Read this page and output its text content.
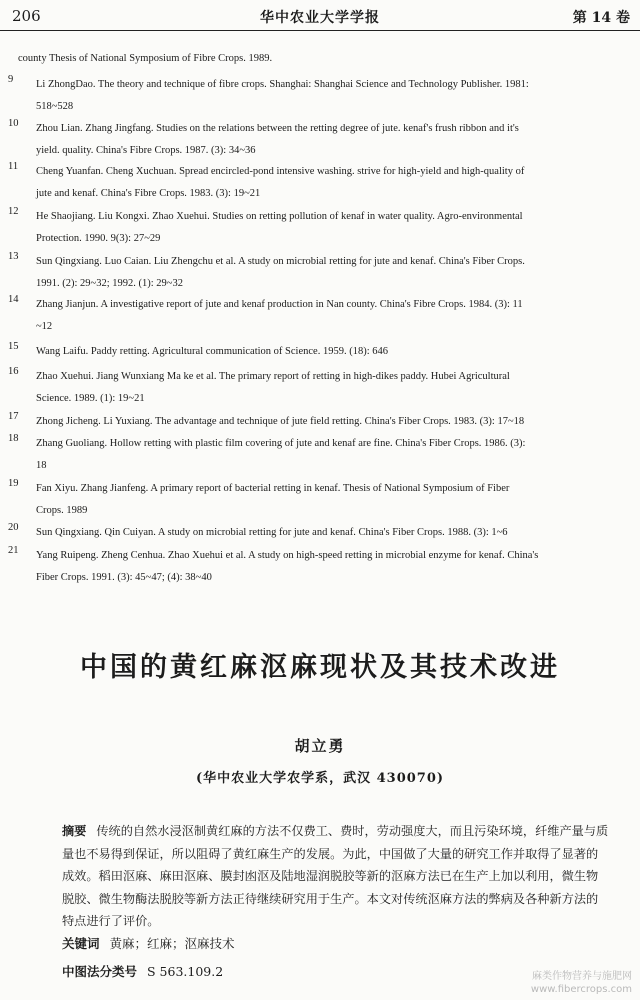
206	华中农业大学学报	第 14 卷
county Thesis of National Symposium of Fibre Crops. 1989.
9 Li ZhongDao. The theory and technique of fibre crops. Shanghai: Shanghai Science and Technology Publisher. 1981:
518~528
10 Zhou Lian. Zhang Jingfang. Studies on the relations between the retting degree of jute. kenaf's frush ribbon and it's
yield. quality. China's Fibre Crops. 1987. (3): 34~36
11 Cheng Yuanfan. Cheng Xuchuan. Spread encircled-pond intensive washing. strive for high-yield and high-quality of
jute and kenaf. China's Fibre Crops. 1983. (3): 19~21
12 He Shaojiang. Liu Kongxi. Zhao Xuehui. Studies on retting pollution of kenaf in water quality. Agro-environmental
Protection. 1990. 9(3): 27~29
13 Sun Qingxiang. Luo Caian. Liu Zhengchu et al. A study on microbial retting for jute and kenaf. China's Fiber Crops.
1991. (2): 29~32; 1992. (1): 29~32
14 Zhang Jianjun. A investigative report of jute and kenaf production in Nan county. China's Fibre Crops. 1984. (3): 11
~12
15 Wang Laifu. Paddy retting. Agricultural communication of Science. 1959. (18): 646
16 Zhao Xuehui. Jiang Wunxiang Ma ke et al. The primary report of retting in high-dikes paddy. Hubei Agricultural
Science. 1989. (1): 19~21
17 Zhong Jicheng. Li Yuxiang. The advantage and technique of jute field retting. China's Fiber Crops. 1983. (3): 17~18
18 Zhang Guoliang. Hollow retting with plastic film covering of jute and kenaf are fine. China's Fiber Crops. 1986. (3):
18
19 Fan Xiyu. Zhang Jianfeng. A primary report of bacterial retting in kenaf. Thesis of National Symposium of Fiber
Crops. 1989
20 Sun Qingxiang. Qin Cuiyan. A study on microbial retting for jute and kenaf. China's Fiber Crops. 1988. (3): 1~6
21 Yang Ruipeng. Zheng Cenhua. Zhao Xuehui et al. A study on high-speed retting in microbial enzyme for kenaf. China's
Fiber Crops. 1991. (3): 45~47; (4): 38~40
中国的黄红麻沤麻现状及其技术改进
胡立勇
(华中农业大学农学系，武汉 430070)
摘要 传统的自然水浸沤制黄红麻的方法不仅费工、费时，劳动强度大，而且污染环境，纤维产量与质量也不易得到保证，所以阻碍了黄红麻生产的发展。为此，中国做了大量的研究工作并取得了显著的成效。稻田沤麻、麻田沤麻、膜封凼沤及陆地湿润脱胶等新的沤麻方法已在生产上加以利用，微生物脱胶、微生物酶法脱胶等新方法正待继续研究用于生产。本文对传统沤麻方法的弊病及各种新方法的特点进行了评价。
关键词 黄麻；红麻；沤麻技术
中图法分类号 S 563.109.2	麻类作物营养与施肥网
www.fibercrops.com
